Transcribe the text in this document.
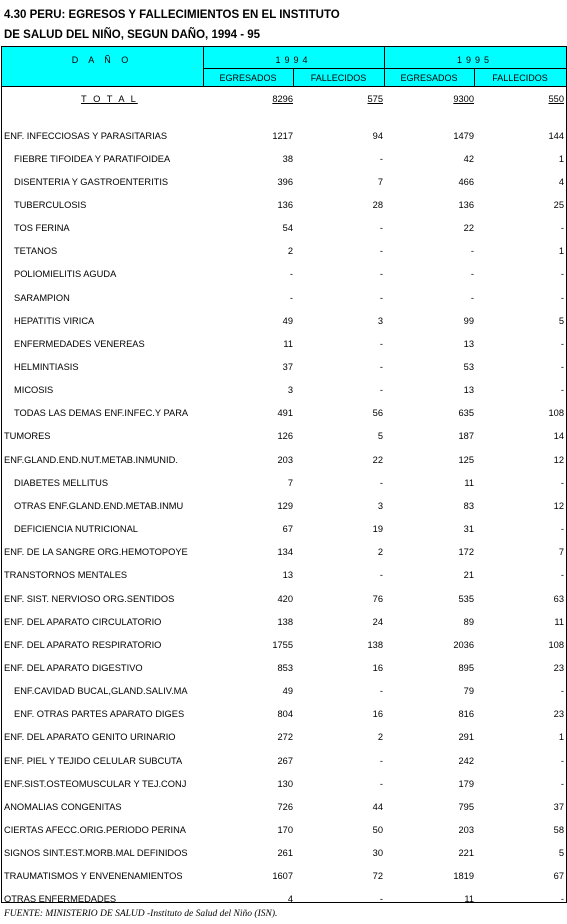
4.30 PERU: EGRESOS Y FALLECIMIENTOS EN EL INSTITUTO
DE SALUD DEL NIÑO, SEGUN DAÑO, 1994 - 95
D A Ñ O	1994	1995
EGRESADOS	FALLECIDOS	EGRESADOS	FALLECIDOS
T O T A L	8296	575	9300	550
ENF. INFECCIOSAS Y PARASITARIAS	1217	94	1479	144
FIEBRE TIFOIDEA Y PARATIFOIDEA	38	-	42	1
DISENTERIA Y GASTROENTERITIS	396	7	466	4
TUBERCULOSIS	136	28	136	25
TOS FERINA	54	-	22	-
TETANOS	2	-	-	1
POLIOMIELITIS AGUDA	-	-	-	-
SARAMPION	-	-	-	-
HEPATITIS VIRICA	49	3	99	5
ENFERMEDADES VENEREAS	11	-	13	-
HELMINTIASIS	37	-	53	-
MICOSIS	3	-	13	-
TODAS LAS DEMAS ENF.INFEC.Y PARA	491	56	635	108
TUMORES	126	5	187	14
ENF.GLAND.END.NUT.METAB.INMUNID.	203	22	125	12
DIABETES MELLITUS	7	-	11	-
OTRAS ENF.GLAND.END.METAB.INMU	129	3	83	12
DEFICIENCIA NUTRICIONAL	67	19	31	-
ENF. DE LA SANGRE ORG.HEMOTOPOYE	134	2	172	7
TRANSTORNOS MENTALES	13	-	21	-
ENF. SIST. NERVIOSO ORG.SENTIDOS	420	76	535	63
ENF. DEL APARATO CIRCULATORIO	138	24	89	11
ENF. DEL APARATO RESPIRATORIO	1755	138	2036	108
ENF. DEL APARATO DIGESTIVO	853	16	895	23
ENF.CAVIDAD BUCAL,GLAND.SALIV.MA	49	-	79	-
ENF. OTRAS PARTES APARATO DIGES	804	16	816	23
ENF. DEL APARATO GENITO URINARIO	272	2	291	1
ENF. PIEL Y TEJIDO CELULAR SUBCUTA	267	-	242	-
ENF.SIST.OSTEOMUSCULAR Y TEJ.CONJ	130	-	179	-
ANOMALIAS CONGENITAS	726	44	795	37
CIERTAS AFECC.ORIG.PERIODO PERINA	170	50	203	58
SIGNOS SINT.EST.MORB.MAL DEFINIDOS	261	30	221	5
TRAUMATISMOS Y ENVENENAMIENTOS	1607	72	1819	67
OTRAS ENFERMEDADES	4	-	11	-
FUENTE: MINISTERIO DE SALUD -Instituto de Salud del Niño (ISN).
